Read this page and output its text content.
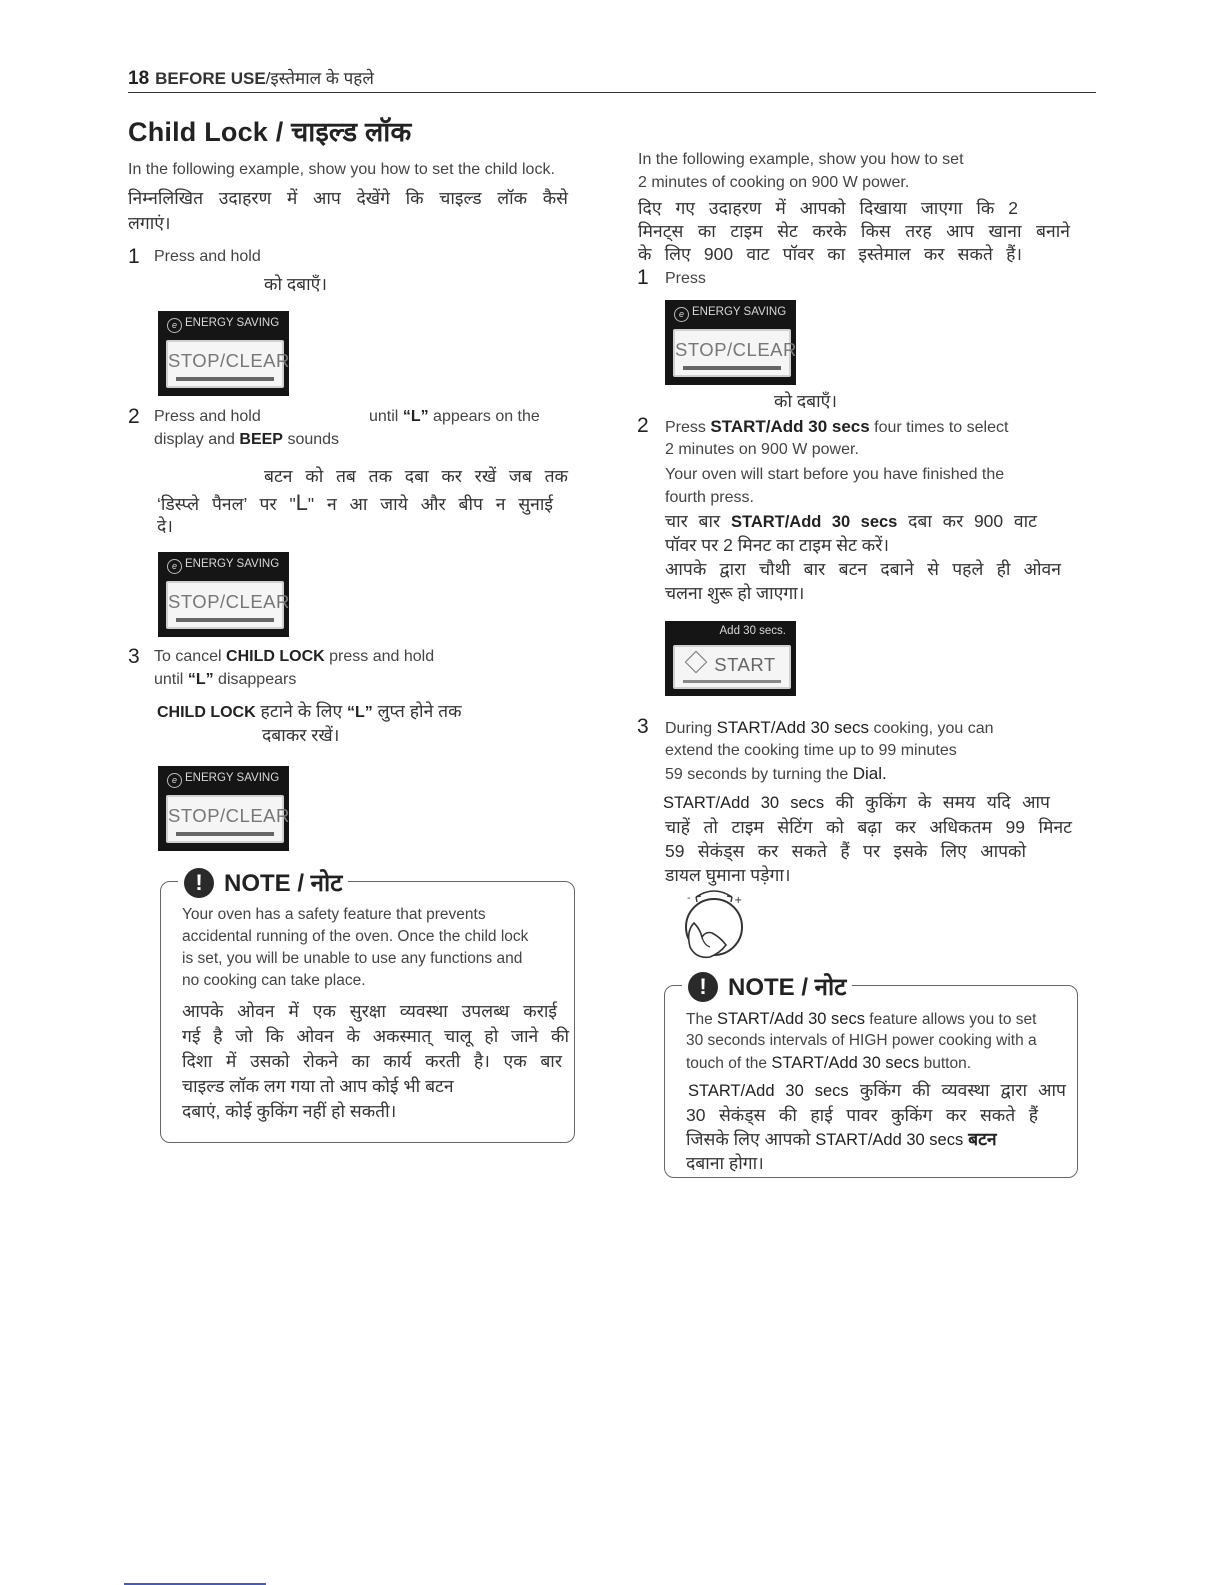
18 BEFORE USE/इस्तेमाल के पहले
Child Lock / चाइल्ड लॉक
In the following example, show you how to set the child lock.
निम्नलिखित उदाहरण में आप देखेंगे कि चाइल्ड लॉक कैसे
लगाएं।
1 Press and hold
को दबाएँ।
e ENERGY SAVING
STOP/CLEAR
2 Press and hold	until “L” appears on the
display and BEEP sounds
बटन को तब तक दबा कर रखें जब तक
‘डिस्प्ले पैनल’ पर "L" न आ जाये और बीप न सुनाई
दे।
e ENERGY SAVING
STOP/CLEAR
3 To cancel CHILD LOCK press and hold
until “L” disappears
CHILD LOCK हटाने के लिए “L” लुप्त होने तक
दबाकर रखें।
e ENERGY SAVING
STOP/CLEAR
! NOTE / नोट
Your oven has a safety feature that prevents
accidental running of the oven. Once the child lock
is set, you will be unable to use any functions and
no cooking can take place.
आपके ओवन में एक सुरक्षा व्यवस्था उपलब्ध कराई
गई है जो कि ओवन के अकस्मात् चालू हो जाने की
दिशा में उसको रोकने का कार्य करती है। एक बार
चाइल्ड लॉक लग गया तो आप कोई भी बटन
दबाएं, कोई कुकिंग नहीं हो सकती।
In the following example, show you how to set
2 minutes of cooking on 900 W power.
दिए गए उदाहरण में आपको दिखाया जाएगा कि 2
मिनट्स का टाइम सेट करके किस तरह आप खाना बनाने
के लिए 900 वाट पॉवर का इस्तेमाल कर सकते हैं।
1 Press
e ENERGY SAVING
STOP/CLEAR
को दबाएँ।
2 Press START/Add 30 secs four times to select
2 minutes on 900 W power.
Your oven will start before you have finished the
fourth press.
चार बार START/Add 30 secs दबा कर 900 वाट
पॉवर पर 2 मिनट का टाइम सेट करें।
आपके द्वारा चौथी बार बटन दबाने से पहले ही ओवन
चलना शुरू हो जाएगा।
Add 30 secs.
START
3 During START/Add 30 secs cooking, you can
extend the cooking time up to 99 minutes
59 seconds by turning the Dial.
START/Add 30 secs की कुकिंग के समय यदि आप
चाहें तो टाइम सेटिंग को बढ़ा कर अधिकतम 99 मिनट
59 सेकंड्स कर सकते हैं पर इसके लिए आपको
डायल घुमाना पड़ेगा।
-	+
! NOTE / नोट
The START/Add 30 secs feature allows you to set
30 seconds intervals of HIGH power cooking with a
touch of the START/Add 30 secs button.
START/Add 30 secs कुकिंग की व्यवस्था द्वारा आप
30 सेकंड्स की हाई पावर कुकिंग कर सकते हैं
जिसके लिए आपको START/Add 30 secs बटन
दबाना होगा।
